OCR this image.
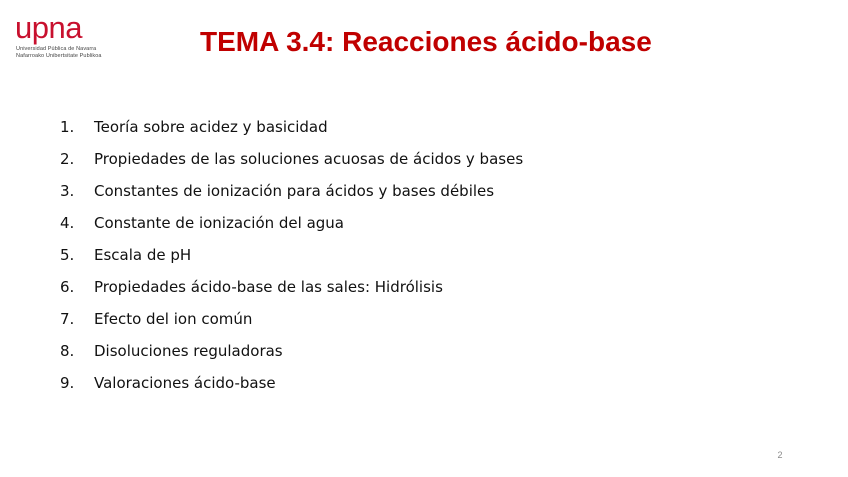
upna
Universidad Pública de Navarra
Nafarroako Unibertsitate Publikoa	TEMA 3.4: Reacciones ácido-base
1. Teoría sobre acidez y basicidad
2. Propiedades de las soluciones acuosas de ácidos y bases
3. Constantes de ionización para ácidos y bases débiles
4. Constante de ionización del agua
5. Escala de pH
6. Propiedades ácido-base de las sales: Hidrólisis
7. Efecto del ion común
8. Disoluciones reguladoras
9. Valoraciones ácido-base
2
